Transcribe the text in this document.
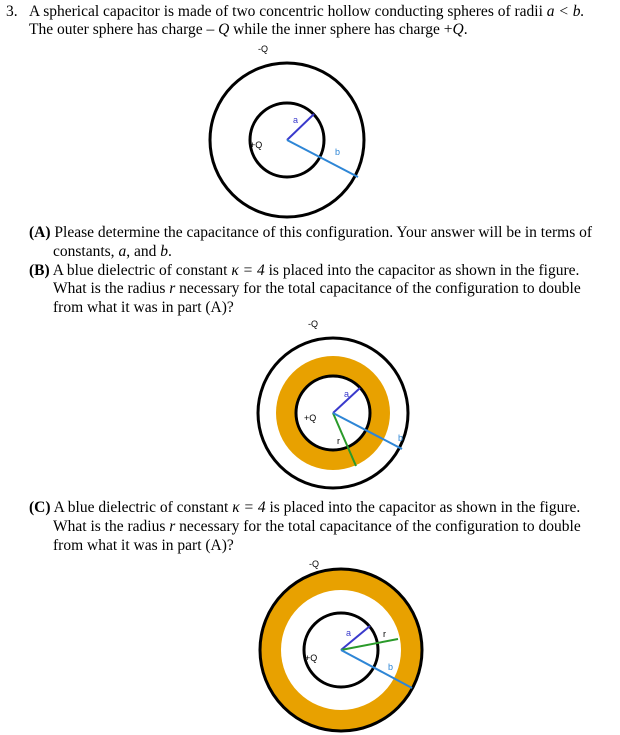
3. A spherical capacitor is made of two concentric hollow conducting spheres of radii a < b.
The outer sphere has charge – Q while the inner sphere has charge +Q.
-Q
a
b
+Q
(A) Please determine the capacitance of this configuration. Your answer will be in terms of
constants, a, and b.
(B) A blue dielectric of constant κ = 4 is placed into the capacitor as shown in the figure.
What is the radius r necessary for the total capacitance of the configuration to double
from what it was in part (A)?
-Q
a
r	b
+Q
(C) A blue dielectric of constant κ = 4 is placed into the capacitor as shown in the figure.
What is the radius r necessary for the total capacitance of the configuration to double
from what it was in part (A)?
-Q
a	r
b
+Q
